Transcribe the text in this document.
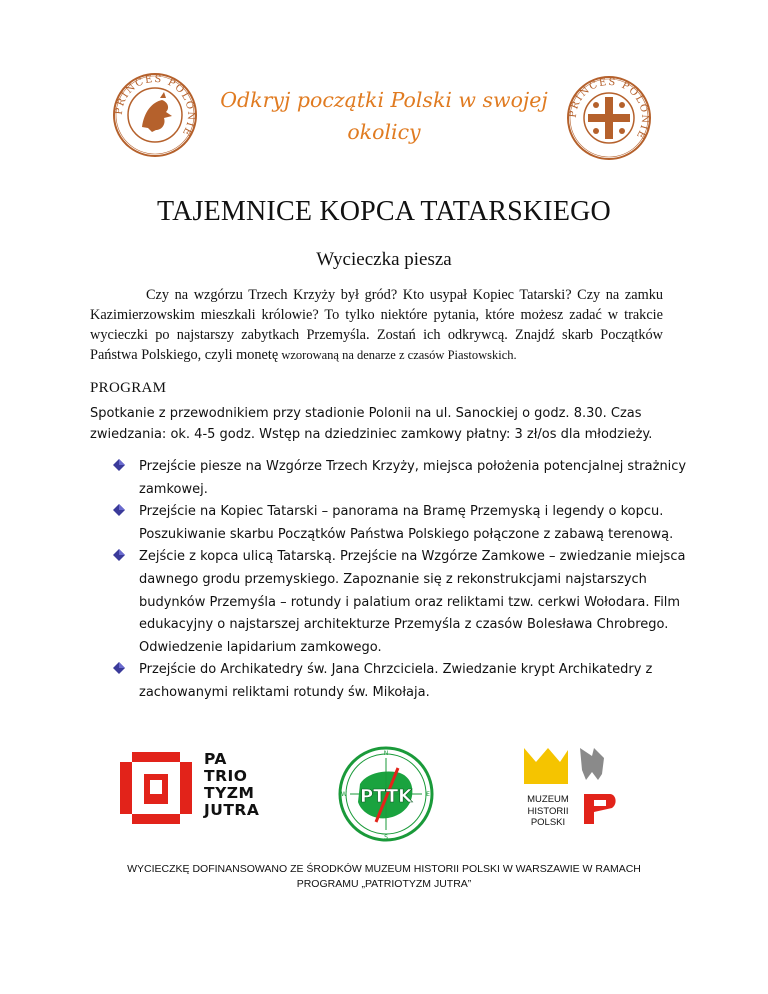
PRINCES POLONIE
PRINCES POLONIE
Odkryj początki Polski w swojej
okolicy
TAJEMNICE KOPCA TATARSKIEGO
Wycieczka piesza
Czy na wzgórzu Trzech Krzyży był gród? Kto usypał Kopiec Tatarski? Czy na zamku Kazimierzowskim mieszkali królowie? To tylko niektóre pytania, które możesz zadać w trakcie wycieczki po najstarszy zabytkach Przemyśla. Zostań ich odkrywcą. Znajdź skarb Początków Państwa Polskiego, czyli monetę wzorowaną na denarze z czasów Piastowskich.
PROGRAM
Spotkanie z przewodnikiem przy stadionie Polonii na ul. Sanockiej o godz. 8.30. Czas zwiedzania: ok. 4-5 godz. Wstęp na dziedziniec zamkowy płatny: 3 zł/os dla młodzieży.
Przejście piesze na Wzgórze Trzech Krzyży, miejsca położenia potencjalnej strażnicy zamkowej.
Przejście na Kopiec Tatarski – panorama na Bramę Przemyską i legendy o kopcu. Poszukiwanie skarbu Początków Państwa Polskiego połączone z zabawą terenową.
Zejście z kopca ulicą Tatarską. Przejście na Wzgórze Zamkowe – zwiedzanie miejsca dawnego grodu przemyskiego. Zapoznanie się z rekonstrukcjami najstarszych budynków Przemyśla – rotundy i palatium oraz reliktami tzw. cerkwi Wołodara. Film edukacyjny o najstarszej architekturze Przemyśla z czasów Bolesława Chrobrego. Odwiedzenie lapidarium zamkowego.
Przejście do Archikatedry św. Jana Chrzciciela. Zwiedzanie krypt Archikatedry z zachowanymi reliktami rotundy św. Mikołaja.
PA
TRIO
TYZM
JUTRA
PTTK
N
S
E
W	MUZEUM
HISTORII
POLSKI
WYCIECZKĘ DOFINANSOWANO ZE ŚRODKÓW MUZEUM HISTORII POLSKI W WARSZAWIE W RAMACH
PROGRAMU „PATRIOTYZM JUTRA”
